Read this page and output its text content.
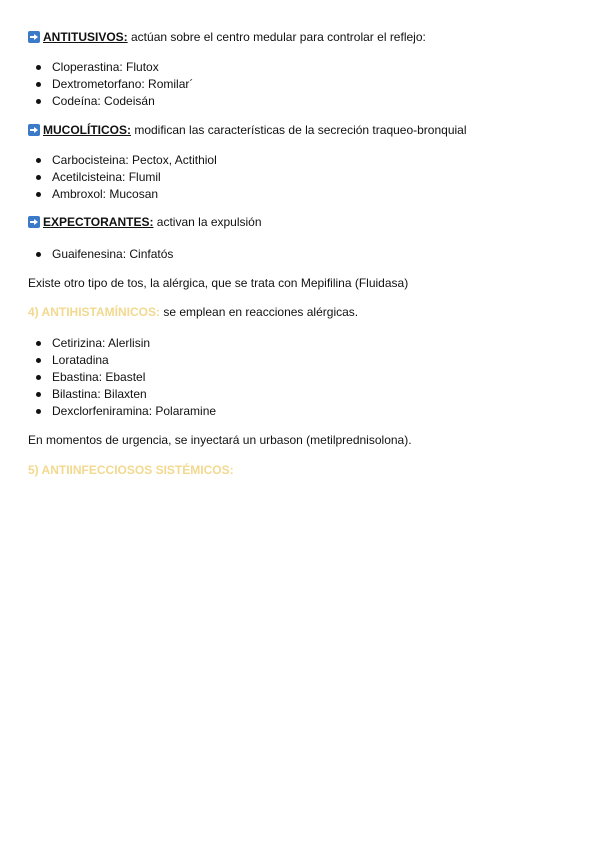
ANTITUSIVOS: actúan sobre el centro medular para controlar el reflejo:
Cloperastina: Flutox
Dextrometorfano: Romilar´
Codeína: Codeisán
MUCOLÍTICOS: modifican las características de la secreción traqueo-bronquial
Carbocisteina: Pectox, Actithiol
Acetilcisteina: Flumil
Ambroxol: Mucosan
EXPECTORANTES: activan la expulsión
Guaifenesina: Cinfatós
Existe otro tipo de tos, la alérgica, que se trata con Mepifilina (Fluidasa)
4) ANTIHISTAMÍNICOS: se emplean en reacciones alérgicas.
Cetirizina: Alerlisin
Loratadina
Ebastina: Ebastel
Bilastina: Bilaxten
Dexclorfeniramina: Polaramine
En momentos de urgencia, se inyectará un urbason (metilprednisolona).
5) ANTIINFECCIOSOS SISTÉMICOS:
